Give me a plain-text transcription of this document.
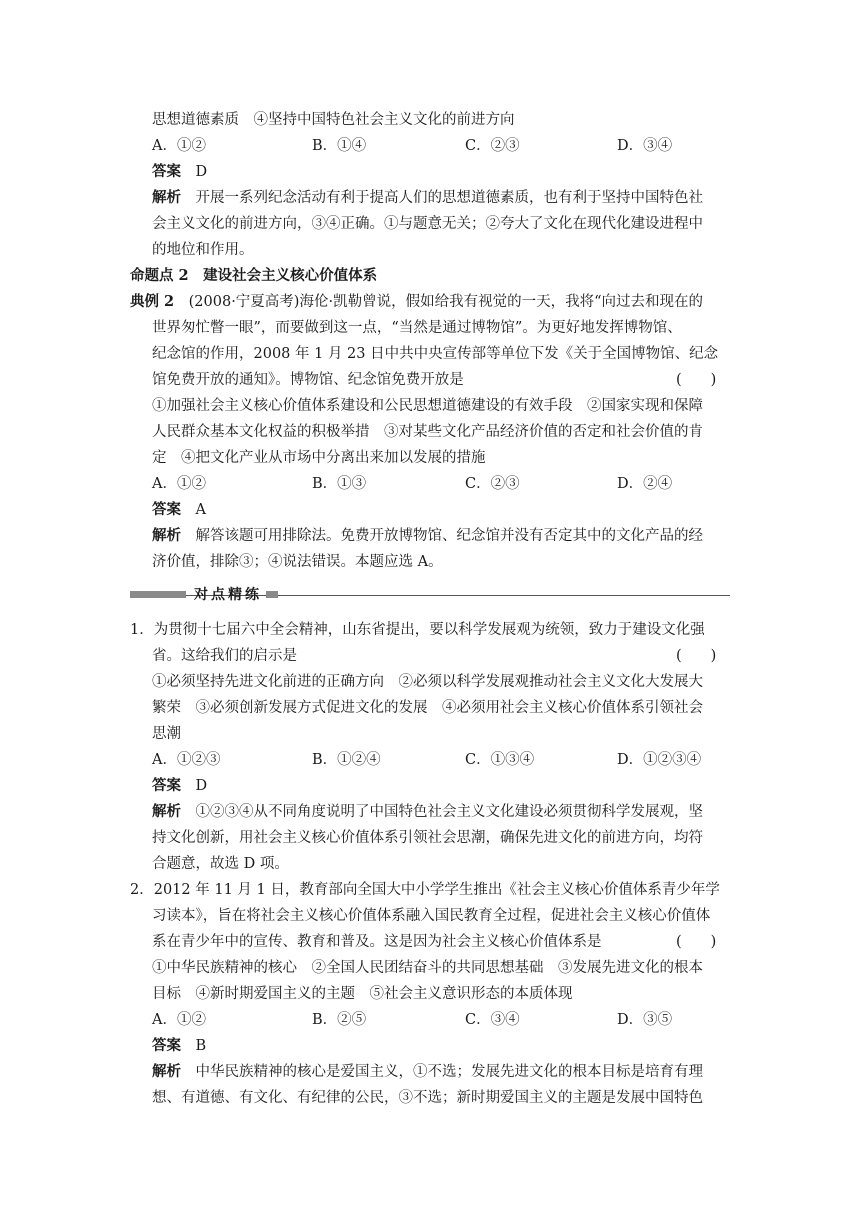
思想道德素质　④坚持中国特色社会主义文化的前进方向
A．①②	B．①④	C．②③	D．③④
答案　 D
解析　 开展一系列纪念活动有利于提高人们的思想道德素质，也有利于坚持中国特色社
会主义文化的前进方向，③④正确。①与题意无关；②夸大了文化在现代化建设进程中
的地位和作用。
命题点 2　 建设社会主义核心价值体系
典例 2　 (2008·宁夏高考)海伦·凯勒曾说，假如给我有视觉的一天，我将“向过去和现在的
世界匆忙瞥一眼”，而要做到这一点，“当然是通过博物馆”。为更好地发挥博物馆、
纪念馆的作用，2008 年 1 月 23 日中共中央宣传部等单位下发《关于全国博物馆、纪念
馆免费开放的通知》。博物馆、纪念馆免费开放是	(　　)
①加强社会主义核心价值体系建设和公民思想道德建设的有效手段　②国家实现和保障
人民群众基本文化权益的积极举措　③对某些文化产品经济价值的否定和社会价值的肯
定　④把文化产业从市场中分离出来加以发展的措施
A．①②	B．①③	C．②③	D．②④
答案　 A
解析　 解答该题可用排除法。免费开放博物馆、纪念馆并没有否定其中的文化产品的经
济价值，排除③；④说法错误。本题应选 A。
对点精练
1．为贯彻十七届六中全会精神，山东省提出，要以科学发展观为统领，致力于建设文化强
省。这给我们的启示是	(　　)
①必须坚持先进文化前进的正确方向　②必须以科学发展观推动社会主义文化大发展大
繁荣　③必须创新发展方式促进文化的发展　④必须用社会主义核心价值体系引领社会
思潮
A．①②③	B．①②④	C．①③④	D．①②③④
答案　 D
解析　 ①②③④从不同角度说明了中国特色社会主义文化建设必须贯彻科学发展观，坚
持文化创新，用社会主义核心价值体系引领社会思潮，确保先进文化的前进方向，均符
合题意，故选 D 项。
2．2012 年 11 月 1 日，教育部向全国大中小学学生推出《社会主义核心价值体系青少年学
习读本》，旨在将社会主义核心价值体系融入国民教育全过程，促进社会主义核心价值体
系在青少年中的宣传、教育和普及。这是因为社会主义核心价值体系是	(　　)
①中华民族精神的核心　②全国人民团结奋斗的共同思想基础　③发展先进文化的根本
目标　④新时期爱国主义的主题　⑤社会主义意识形态的本质体现
A．①②	B．②⑤	C．③④	D．③⑤
答案　 B
解析　 中华民族精神的核心是爱国主义，①不选；发展先进文化的根本目标是培育有理
想、有道德、有文化、有纪律的公民，③不选；新时期爱国主义的主题是发展中国特色
